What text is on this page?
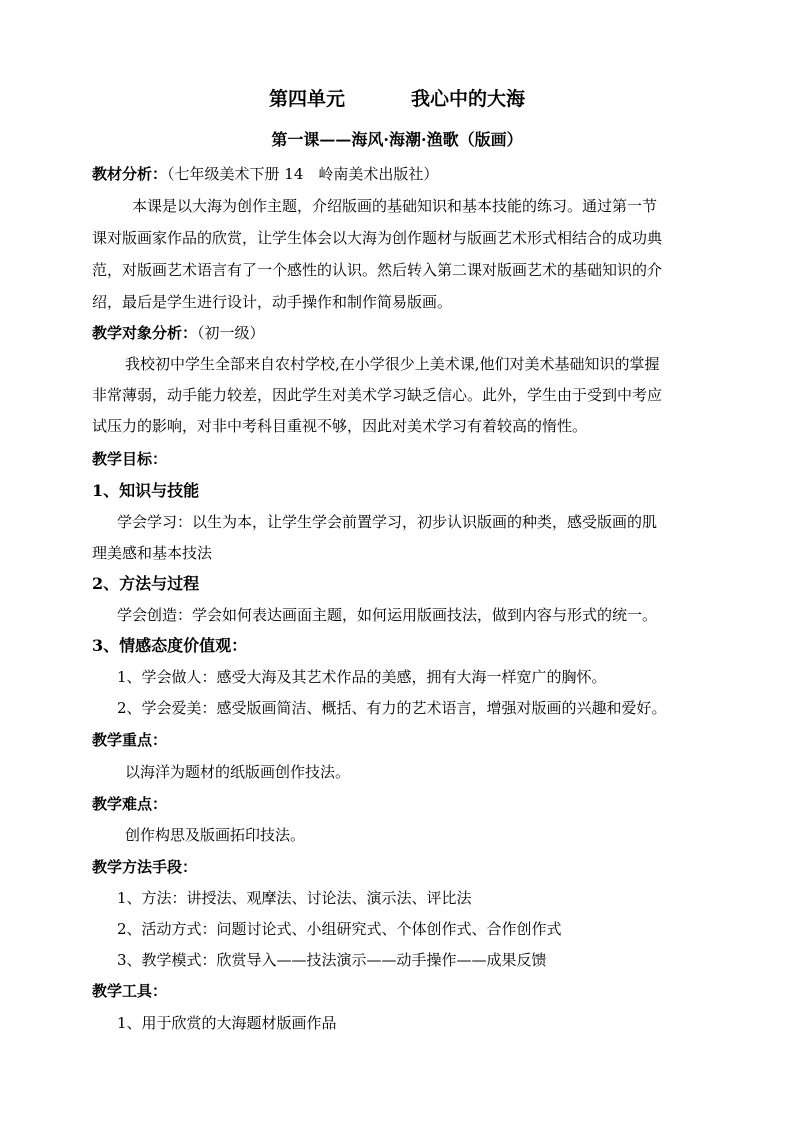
第四单元	我心中的大海
第一课——海风·海潮·渔歌（版画）
教材分析：（七年级美术下册 14　岭南美术出版社）
本课是以大海为创作主题，介绍版画的基础知识和基本技能的练习。通过第一节
课对版画家作品的欣赏，让学生体会以大海为创作题材与版画艺术形式相结合的成功典
范，对版画艺术语言有了一个感性的认识。然后转入第二课对版画艺术的基础知识的介
绍，最后是学生进行设计，动手操作和制作简易版画。
教学对象分析：（初一级）
我校初中学生全部来自农村学校,在小学很少上美术课,他们对美术基础知识的掌握
非常薄弱，动手能力较差，因此学生对美术学习缺乏信心。此外，学生由于受到中考应
试压力的影响，对非中考科目重视不够，因此对美术学习有着较高的惰性。
教学目标：
1、知识与技能
学会学习：以生为本，让学生学会前置学习，初步认识版画的种类，感受版画的肌
理美感和基本技法
2、方法与过程
学会创造：学会如何表达画面主题，如何运用版画技法，做到内容与形式的统一。
3、情感态度价值观：
1、学会做人：感受大海及其艺术作品的美感，拥有大海一样宽广的胸怀。
2、学会爱美：感受版画简洁、概括、有力的艺术语言，增强对版画的兴趣和爱好。
教学重点：
以海洋为题材的纸版画创作技法。
教学难点：
创作构思及版画拓印技法。
教学方法手段：
1、方法：讲授法、观摩法、讨论法、演示法、评比法
2、活动方式：问题讨论式、小组研究式、个体创作式、合作创作式
3、教学模式：欣赏导入——技法演示——动手操作——成果反馈
教学工具：
1、用于欣赏的大海题材版画作品
